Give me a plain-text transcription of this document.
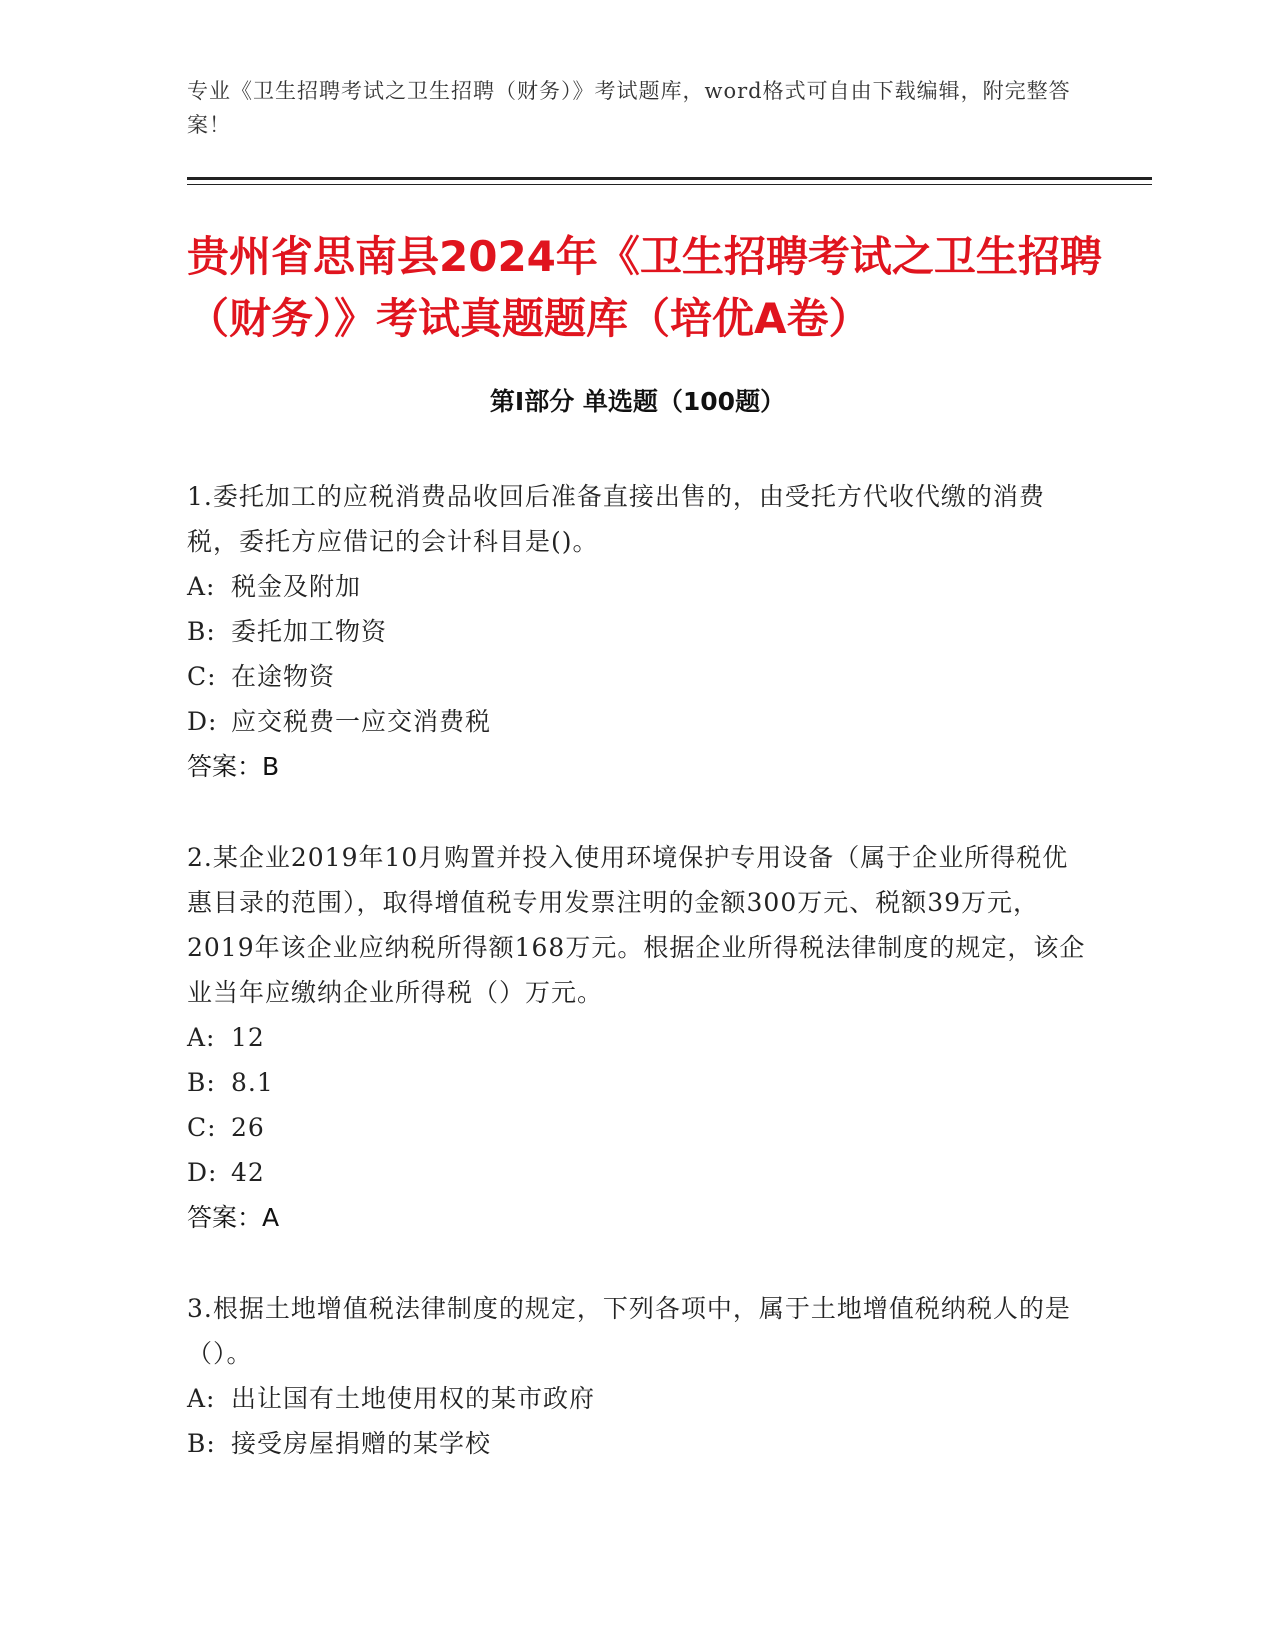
专业《卫生招聘考试之卫生招聘（财务）》考试题库，word格式可自由下载编辑，附完整答案！
贵州省思南县2024年《卫生招聘考试之卫生招聘（财务）》考试真题题库（培优A卷）
第Ⅰ部分 单选题（100题）
1.委托加工的应税消费品收回后准备直接出售的，由受托方代收代缴的消费税，委托方应借记的会计科目是()。
A: 税金及附加
B: 委托加工物资
C: 在途物资
D: 应交税费一应交消费税
答案：B
2.某企业2019年10月购置并投入使用环境保护专用设备（属于企业所得税优惠目录的范围），取得增值税专用发票注明的金额300万元、税额39万元，2019年该企业应纳税所得额168万元。根据企业所得税法律制度的规定，该企业当年应缴纳企业所得税（）万元。
A: 12
B: 8.1
C: 26
D: 42
答案：A
3.根据土地增值税法律制度的规定，下列各项中，属于土地增值税纳税人的是（）。
A: 出让国有土地使用权的某市政府
B: 接受房屋捐赠的某学校
